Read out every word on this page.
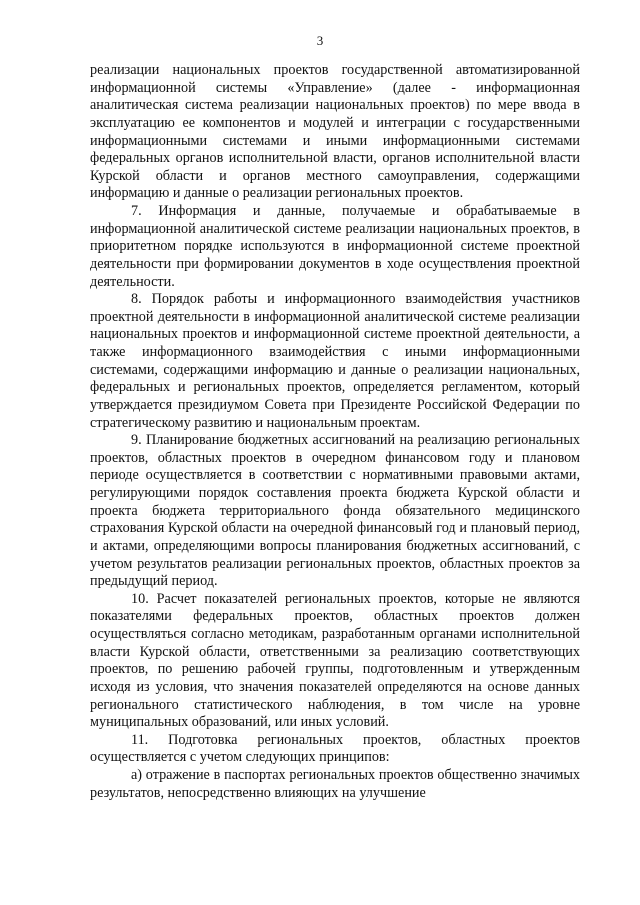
3

реализации национальных проектов государственной автоматизированной информационной системы «Управление» (далее - информационная аналитическая система реализации национальных проектов) по мере ввода в эксплуатацию ее компонентов и модулей и интеграции с государственными информационными системами и иными информационными системами федеральных органов исполнительной власти, органов исполнительной власти Курской области и органов местного самоуправления, содержащими информацию и данные о реализации региональных проектов.

7. Информация и данные, получаемые и обрабатываемые в информационной аналитической системе реализации национальных проектов, в приоритетном порядке используются в информационной системе проектной деятельности при формировании документов в ходе осуществления проектной деятельности.

8. Порядок работы и информационного взаимодействия участников проектной деятельности в информационной аналитической системе реализации национальных проектов и информационной системе проектной деятельности, а также информационного взаимодействия с иными информационными системами, содержащими информацию и данные о реализации национальных, федеральных и региональных проектов, определяется регламентом, который утверждается президиумом Совета при Президенте Российской Федерации по стратегическому развитию и национальным проектам.

9. Планирование бюджетных ассигнований на реализацию региональных проектов, областных проектов в очередном финансовом году и плановом периоде осуществляется в соответствии с нормативными правовыми актами, регулирующими порядок составления проекта бюджета Курской области и проекта бюджета территориального фонда обязательного медицинского страхования Курской области на очередной финансовый год и плановый период, и актами, определяющими вопросы планирования бюджетных ассигнований, с учетом результатов реализации региональных проектов, областных проектов за предыдущий период.

10. Расчет показателей региональных проектов, которые не являются показателями федеральных проектов, областных проектов должен осуществляться согласно методикам, разработанным органами исполнительной власти Курской области, ответственными за реализацию соответствующих проектов, по решению рабочей группы, подготовленным и утвержденным исходя из условия, что значения показателей определяются на основе данных регионального статистического наблюдения, в том числе на уровне муниципальных образований, или иных условий.

11. Подготовка региональных проектов, областных проектов осуществляется с учетом следующих принципов:

а) отражение в паспортах региональных проектов общественно значимых результатов, непосредственно влияющих на улучшение
